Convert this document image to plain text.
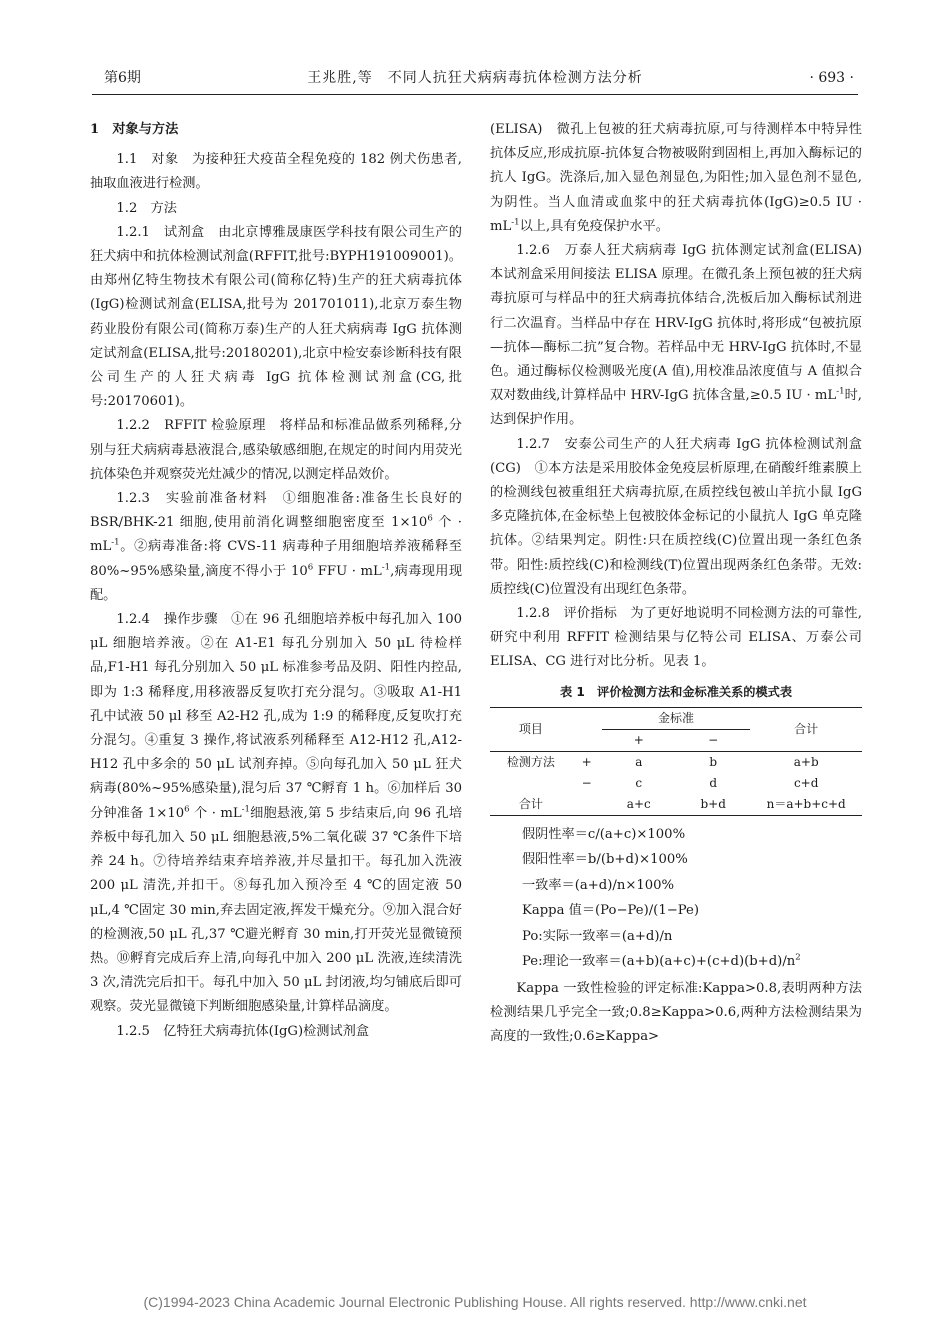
第6期	王兆胜,等　不同人抗狂犬病病毒抗体检测方法分析	· 693 ·

1　对象与方法

1.1　对象　为接种狂犬疫苗全程免疫的 182 例犬伤患者,抽取血液进行检测。

1.2　方法

1.2.1　试剂盒　由北京博雅晟康医学科技有限公司生产的狂犬病中和抗体检测试剂盒(RFFIT,批号:BYPH191009001)。由郑州亿特生物技术有限公司(简称亿特)生产的狂犬病毒抗体(IgG)检测试剂盒(ELISA,批号为 201701011),北京万泰生物药业股份有限公司(简称万泰)生产的人狂犬病病毒 IgG 抗体测定试剂盒(ELISA,批号:20180201),北京中检安泰诊断科技有限公司生产的人狂犬病毒 IgG 抗体检测试剂盒(CG,批号:20170601)。

1.2.2　RFFIT 检验原理　将样品和标准品做系列稀释,分别与狂犬病病毒悬液混合,感染敏感细胞,在规定的时间内用荧光抗体染色并观察荧光灶减少的情况,以测定样品效价。

1.2.3　实验前准备材料　①细胞准备:准备生长良好的 BSR/BHK-21 细胞,使用前消化调整细胞密度至 $1\times 10^6$ 个 · $mL^{-1}$。②病毒准备:将 CVS-11 病毒种子用细胞培养液稀释至 80%~95%感染量,滴度不得小于 $10^6$ FFU · $mL^{-1}$,病毒现用现配。

1.2.4　操作步骤　①在 96 孔细胞培养板中每孔加入 100 μL 细胞培养液。②在 A1-E1 每孔分别加入 50 μL 待检样品,F1-H1 每孔分别加入 50 μL 标准参考品及阴、阳性内控品,即为 1:3 稀释度,用移液器反复吹打充分混匀。③吸取 A1-H1 孔中试液 50 μl 移至 A2-H2 孔,成为 1:9 的稀释度,反复吹打充分混匀。④重复 3 操作,将试液系列稀释至 A12-H12 孔,A12-H12 孔中多余的 50 μL 试剂弃掉。⑤向每孔加入 50 μL 狂犬病毒(80%~95%感染量),混匀后 37 ℃孵育 1 h。⑥加样后 30 分钟准备 $1\times 10^6$ 个 · $mL^{-1}$细胞悬液,第 5 步结束后,向 96 孔培养板中每孔加入 50 μL 细胞悬液,5%二氧化碳 37 ℃条件下培养 24 h。⑦待培养结束弃培养液,并尽量扣干。每孔加入洗液 200 μL 清洗,并扣干。⑧每孔加入预冷至 4 ℃的固定液 50 μL,4 ℃固定 30 min,弃去固定液,挥发干燥充分。⑨加入混合好的检测液,50 μL 孔,37 ℃避光孵育 30 min,打开荧光显微镜预热。⑩孵育完成后弃上清,向每孔中加入 200 μL 洗液,连续清洗 3 次,清洗完后扣干。每孔中加入 50 μL 封闭液,均匀铺底后即可观察。荧光显微镜下判断细胞感染量,计算样品滴度。

1.2.5　亿特狂犬病毒抗体(IgG)检测试剂盒

(ELISA)　微孔上包被的狂犬病毒抗原,可与待测样本中特异性抗体反应,形成抗原-抗体复合物被吸附到固相上,再加入酶标记的抗人 IgG。洗涤后,加入显色剂显色,为阳性;加入显色剂不显色,为阴性。当人血清或血浆中的狂犬病毒抗体(IgG)≥0.5 IU · $mL^{-1}$以上,具有免疫保护水平。

1.2.6　万泰人狂犬病病毒 IgG 抗体测定试剂盒(ELISA)　本试剂盒采用间接法 ELISA 原理。在微孔条上预包被的狂犬病毒抗原可与样品中的狂犬病毒抗体结合,洗板后加入酶标试剂进行二次温育。当样品中存在 HRV-IgG 抗体时,将形成“包被抗原—抗体—酶标二抗”复合物。若样品中无 HRV-IgG 抗体时,不显色。通过酶标仪检测吸光度(A 值),用校准品浓度值与 A 值拟合双对数曲线,计算样品中 HRV-IgG 抗体含量,≥0.5 IU · $mL^{-1}$时,达到保护作用。

1.2.7　安泰公司生产的人狂犬病毒 IgG 抗体检测试剂盒(CG)　①本方法是采用胶体金免疫层析原理,在硝酸纤维素膜上的检测线包被重组狂犬病毒抗原,在质控线包被山羊抗小鼠 IgG 多克隆抗体,在金标垫上包被胶体金标记的小鼠抗人 IgG 单克隆抗体。②结果判定。阴性:只在质控线(C)位置出现一条红色条带。阳性:质控线(C)和检测线(T)位置出现两条红色条带。无效:质控线(C)位置没有出现红色条带。

1.2.8　评价指标　为了更好地说明不同检测方法的可靠性,研究中利用 RFFIT 检测结果与亿特公司 ELISA、万泰公司 ELISA、CG 进行对比分析。见表 1。

表 1　评价检测方法和金标准关系的模式表
项目		金标准		合计
		+	−	
检测方法	+	a	b	a+b
	−	c	d	c+d
合计		a+c	b+d	n＝a+b+c+d

假阴性率＝c/(a+c)×100%

假阳性率＝b/(b+d)×100%

一致率＝(a+d)/n×100%

Kappa 值＝(Po−Pe)/(1−Pe)

Po:实际一致率＝(a+d)/n

Pe:理论一致率$=(a+b)(a+c)+(c+d)(b+d)/n^2$

Kappa 一致性检验的评定标准:Kappa>0.8,表明两种方法检测结果几乎完全一致;0.8≥Kappa>0.6,两种方法检测结果为高度的一致性;0.6≥Kappa>

(C)1994-2023 China Academic Journal Electronic Publishing House. All rights reserved. http://www.cnki.net
